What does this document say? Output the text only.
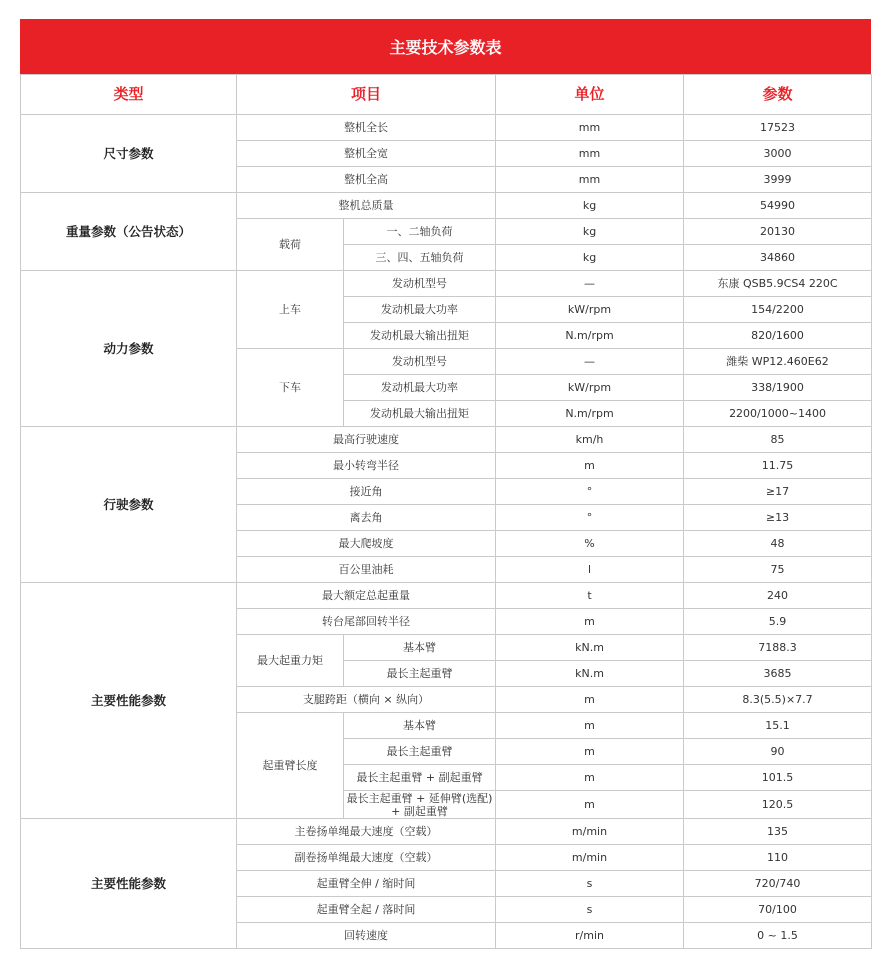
主要技术参数表
类型	项目		单位	参数
尺寸参数	整机全长		mm	17523
	整机全宽		mm	3000
	整机全高		mm	3999
重量参数（公告状态）	整机总质量		kg	54990
	载荷	一、二轴负荷	kg	20130
		三、四、五轴负荷	kg	34860
动力参数	上车	发动机型号	—	东康 QSB5.9CS4 220C
		发动机最大功率	kW/rpm	154/2200
		发动机最大输出扭矩	N.m/rpm	820/1600
	下车	发动机型号	—	潍柴 WP12.460E62
		发动机最大功率	kW/rpm	338/1900
		发动机最大输出扭矩	N.m/rpm	2200/1000~1400
行驶参数	最高行驶速度		km/h	85
	最小转弯半径		m	11.75
	接近角		°	≥17
	离去角		°	≥13
	最大爬坡度		%	48
	百公里油耗		l	75
主要性能参数	最大额定总起重量		t	240
	转台尾部回转半径		m	5.9
	最大起重力矩	基本臂	kN.m	7188.3
		最长主起重臂	kN.m	3685
	支腿跨距（横向 × 纵向）		m	8.3(5.5)×7.7
	起重臂长度	基本臂	m	15.1
		最长主起重臂	m	90
		最长主起重臂 + 副起重臂	m	101.5
		最长主起重臂 + 延伸臂(选配) + 副起重臂	m	120.5
主要性能参数	主卷扬单绳最大速度（空载）		m/min	135
	副卷扬单绳最大速度（空载）		m/min	110
	起重臂全伸 / 缩时间		s	720/740
	起重臂全起 / 落时间		s	70/100
	回转速度		r/min	0 ~ 1.5
